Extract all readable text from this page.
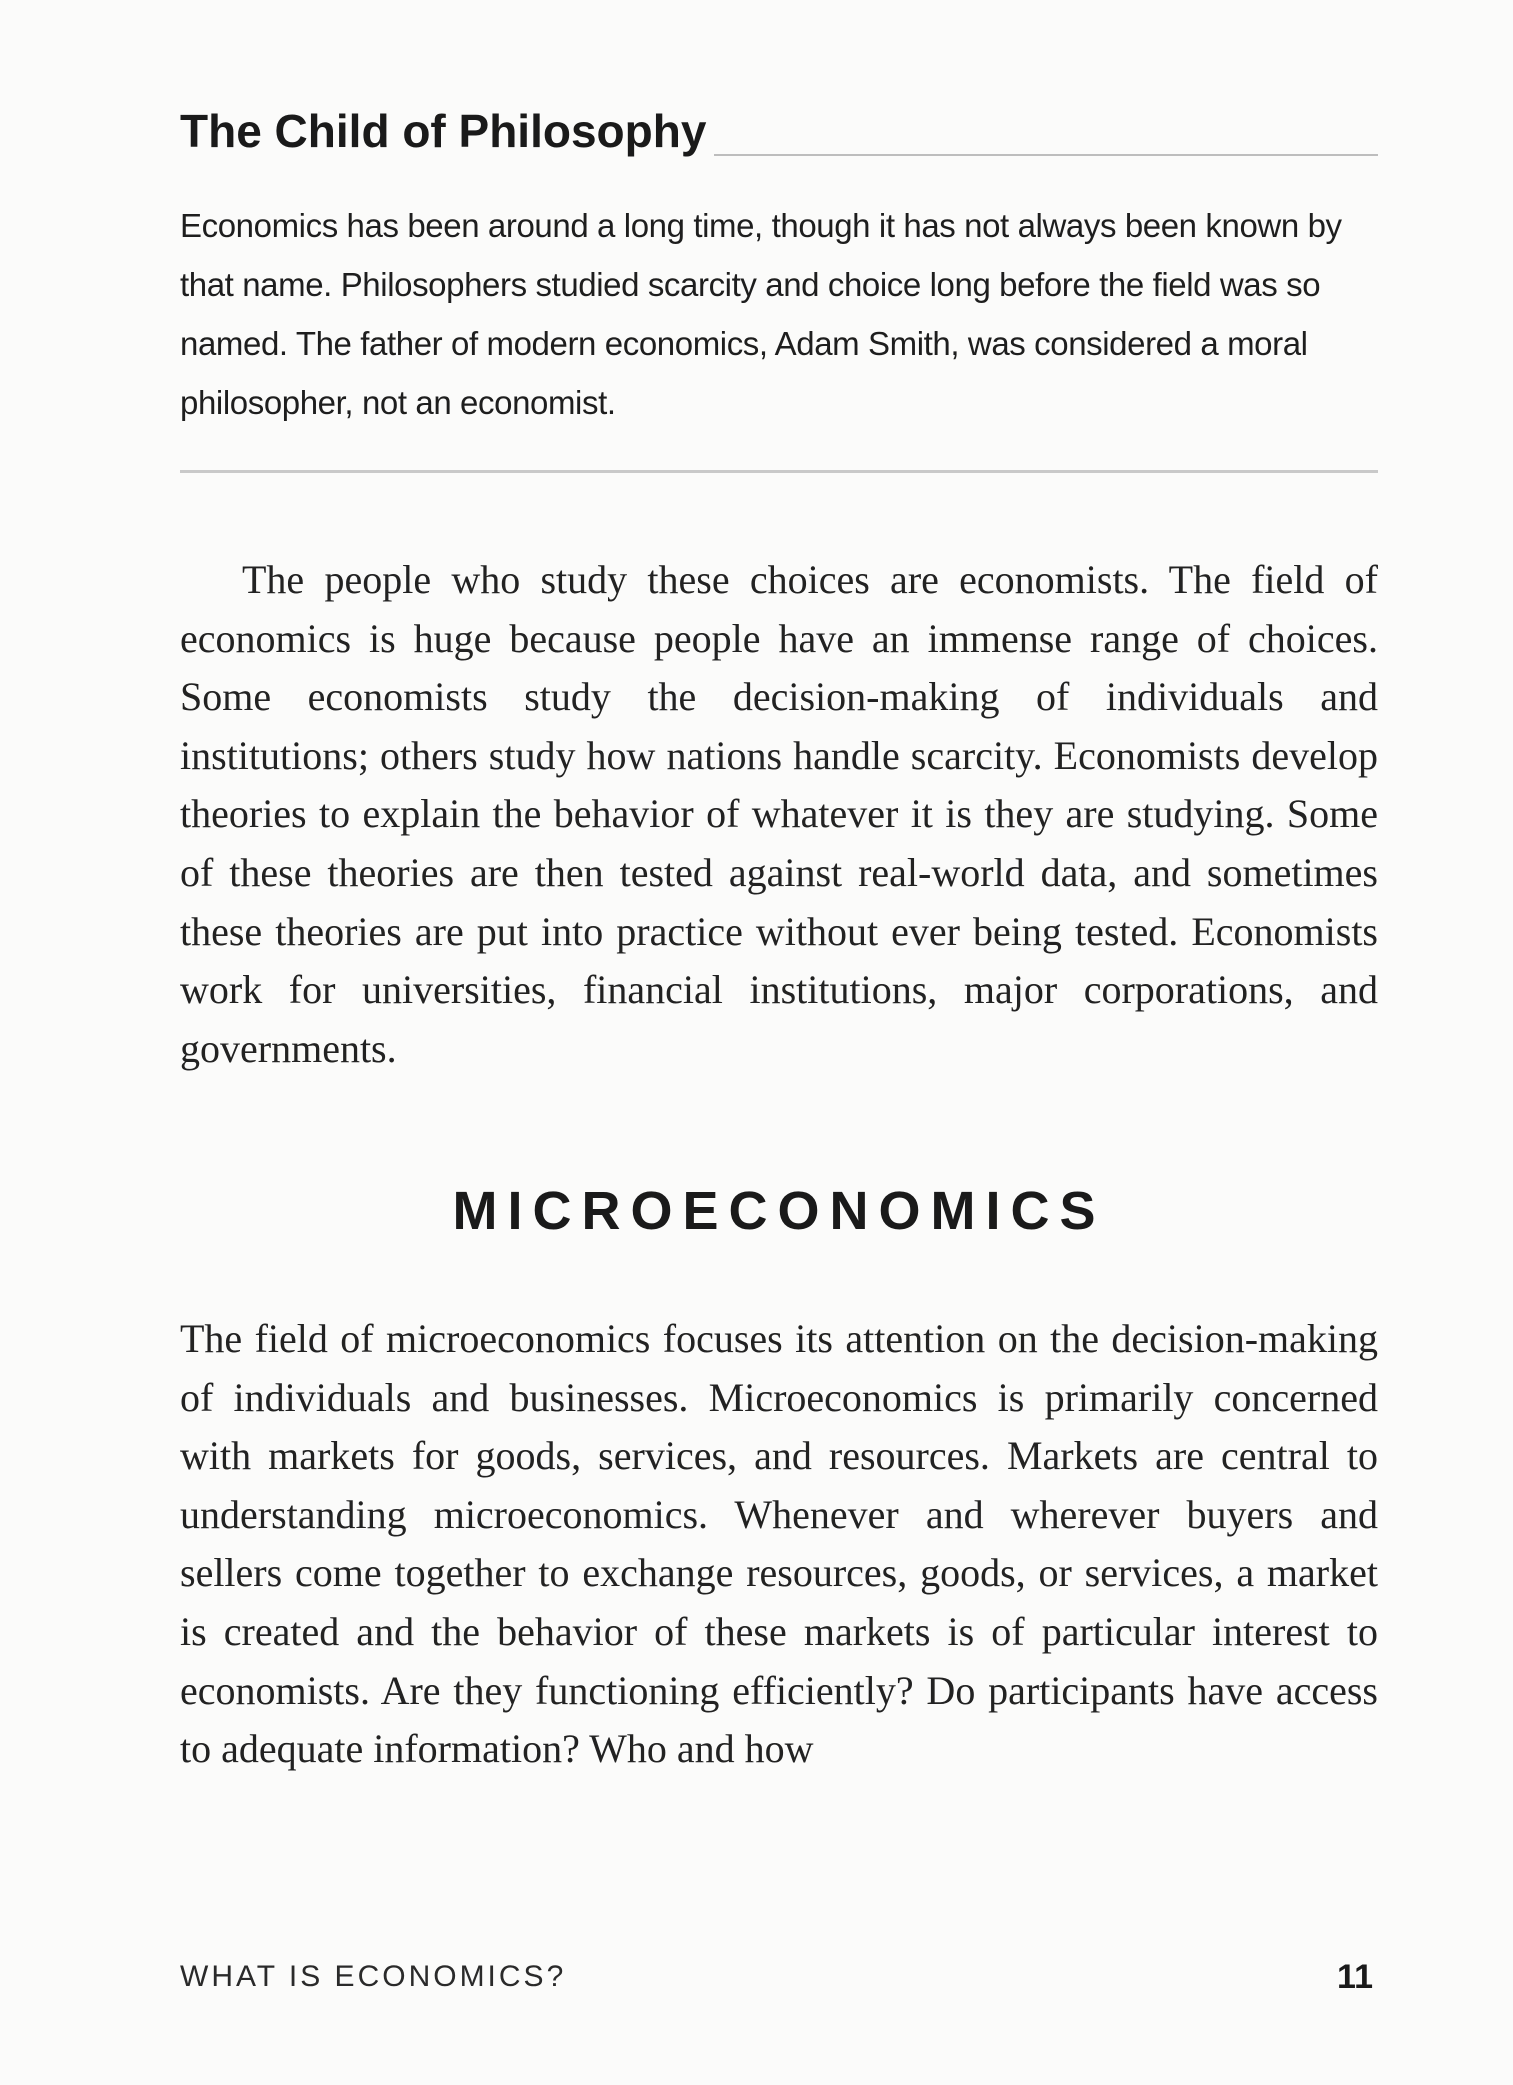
The Child of Philosophy

Economics has been around a long time, though it has not always been known by that name. Philosophers studied scarcity and choice long before the field was so named. The father of modern economics, Adam Smith, was considered a moral philosopher, not an economist.

The people who study these choices are economists. The field of economics is huge because people have an immense range of choices. Some economists study the decision-making of individuals and institutions; others study how nations handle scarcity. Economists develop theories to explain the behavior of whatever it is they are studying. Some of these theories are then tested against real-world data, and sometimes these theories are put into practice without ever being tested. Economists work for universities, financial institutions, major corporations, and governments.

MICROECONOMICS

The field of microeconomics focuses its attention on the decision-making of individuals and businesses. Microeconomics is primarily concerned with markets for goods, services, and resources. Markets are central to understanding microeconomics. Whenever and wherever buyers and sellers come together to exchange resources, goods, or services, a market is created and the behavior of these markets is of particular interest to economists. Are they functioning efficiently? Do participants have access to adequate information? Who and how

WHAT IS ECONOMICS?	11
